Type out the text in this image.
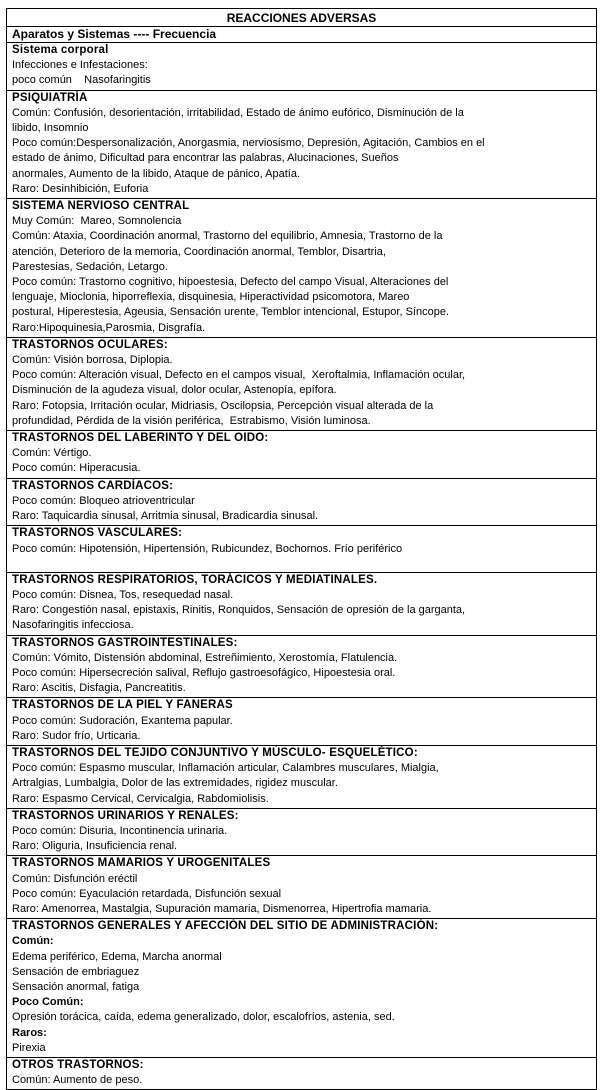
REACCIONES ADVERSAS
Aparatos y Sistemas ---- Frecuencia
Sistema corporal
Infecciones e Infestaciones:
poco común    Nasofaringitis
PSIQUIATRÍA
Común: Confusión, desorientación, irritabilidad, Estado de ánimo eufórico, Disminución de la
libido, Insomnio
Poco común:Despersonalización, Anorgasmia, nerviosismo, Depresión, Agitación, Cambios en el
estado de ánimo, Dificultad para encontrar las palabras, Alucinaciones, Sueños
anormales, Aumento de la libido, Ataque de pánico, Apatía.
Raro: Desinhibición, Euforia
SISTEMA NERVIOSO CENTRAL
Muy Común:  Mareo, Somnolencia
Común: Ataxia, Coordinación anormal, Trastorno del equilibrio, Amnesia, Trastorno de la
atención, Deterioro de la memoria, Coordinación anormal, Temblor, Disartria,
Parestesias, Sedación, Letargo.
Poco común: Trastorno cognitivo, hipoestesia, Defecto del campo Visual, Alteraciones del
lenguaje, Mioclonia, hiporreflexia, disquinesia, Hiperactividad psicomotora, Mareo
postural, Hiperestesia, Ageusia, Sensación urente, Temblor intencional, Estupor, Síncope.
Raro:Hipoquinesia,Parosmia, Disgrafía.
TRASTORNOS OCULARES:
Común: Visión borrosa, Diplopia.
Poco común: Alteración visual, Defecto en el campos visual,  Xeroftalmia, Inflamación ocular,
Disminución de la agudeza visual, dolor ocular, Astenopía, epífora.
Raro: Fotopsia, Irritación ocular, Midriasis, Oscilopsia, Percepción visual alterada de la
profundidad, Pérdida de la visión periférica,  Estrabismo, Visión luminosa.
TRASTORNOS DEL LABERINTO Y DEL OIDO:
Común: Vértigo.
Poco común: Hiperacusia.
TRASTORNOS CARDÍACOS:
Poco común: Bloqueo atrioventricular
Raro: Taquicardia sinusal, Arritmia sinusal, Bradicardia sinusal.
TRASTORNOS VASCULARES:
Poco común: Hipotensión, Hipertensión, Rubicundez, Bochornos. Frío periférico
TRASTORNOS RESPIRATORIOS, TORÁCICOS Y MEDIATINALES.
Poco común: Disnea, Tos, resequedad nasal.
Raro: Congestión nasal, epistaxis, Rinitis, Ronquidos, Sensación de opresión de la garganta,
Nasofaringitis infecciosa.
TRASTORNOS GASTROINTESTINALES:
Común: Vómito, Distensión abdominal, Estreñimiento, Xerostomía, Flatulencia.
Poco común: Hipersecreción salival, Reflujo gastroesofágico, Hipoestesia oral.
Raro: Ascitis, Disfagia, Pancreatitis.
TRASTORNOS DE LA PIEL Y FANERAS
Poco común: Sudoración, Exantema papular.
Raro: Sudor frío, Urticaria.
TRASTORNOS DEL TEJIDO CONJUNTIVO Y MÚSCULO- ESQUELÉTICO:
Poco común: Espasmo muscular, Inflamación articular, Calambres musculares, Mialgia,
Artralgias, Lumbalgia, Dolor de las extremidades, rigidez muscular.
Raro: Espasmo Cervical, Cervicalgia, Rabdomiolisis.
TRASTORNOS URINARIOS Y RENALES:
Poco común: Disuria, Incontinencia urinaria.
Raro: Oliguria, Insuficiencia renal.
TRASTORNOS MAMARIOS Y UROGENITALES
Común: Disfunción eréctil
Poco común: Eyaculación retardada, Disfunción sexual
Raro: Amenorrea, Mastalgia, Supuración mamaria, Dismenorrea, Hipertrofia mamaria.
TRASTORNOS GENERALES Y AFECCIÓN DEL SITIO DE ADMINISTRACIÓN:
Común:
Edema periférico, Edema, Marcha anormal
Sensación de embriaguez
Sensación anormal, fatiga
Poco Común:
Opresión torácica, caída, edema generalizado, dolor, escalofríos, astenia, sed.
Raros:
Pirexia
OTROS TRASTORNOS:
Común: Aumento de peso.
